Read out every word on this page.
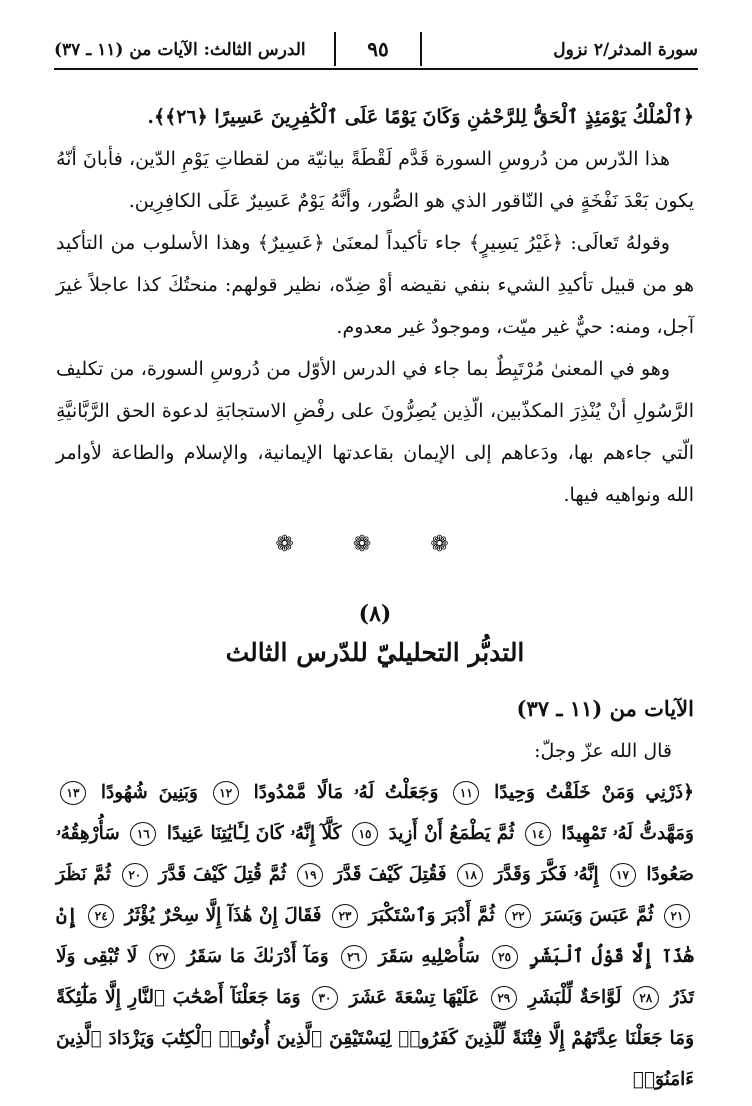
سورة المدثر/٢ نزول
٩٥
الدرس الثالث: الآيات من (١١ ـ ٣٧)

﴿ٱلْمُلْكُ يَوْمَئِذٍ ٱلْحَقُّ لِلرَّحْمَٰنِ وَكَانَ يَوْمًا عَلَى ٱلْكَٰفِرِينَ عَسِيرًا ﴿٢٦﴾﴾.

هذا الدّرس من دُروسِ السورة قَدَّم لَقْطَةً بيانيّة من لقطاتِ يَوْمِ الدّين، فأبانَ أنّهُ يكون بَعْدَ نَفْخَةٍ في النّاقور الذي هو الصُّور، وأنَّهُ يَوْمٌ عَسِيرٌ عَلَى الكافِرِين.

وقولهُ تَعالَى: ﴿غَيْرُ يَسِيرٍ﴾ جاء تأكيداً لمعنَىٰ ﴿عَسِيرٌ﴾ وهذا الأسلوب من التأكيد هو من قبيل تأكيدِ الشيء بنفي نقيضه أوْ ضِدّه، نظير قولهم: منحتُكَ كذا عاجلاً غيرَ آجل، ومنه: حيٌّ غير ميّت، وموجودٌ غير معدوم.

وهو في المعنىٰ مُرْتَبِطٌ بما جاء في الدرس الأوّل من دُروسِ السورة، من تكليف الرَّسُولِ أنْ يُنْذِرَ المكذّبين، الّذِين يُصِرُّونَ على رفْضِ الاستجابَةِ لدعوة الحق الرَّبَّانيَّةِ الّتي جاءهم بها، ودَعاهم إلى الإيمان بقاعدتها الإيمانية، والإسلام والطاعة لأوامر الله ونواهيه فيها.

❁ ❁ ❁
(٨)
التدبُّر التحليليّ للدّرس الثالث
الآيات من (١١ ـ ٣٧)
قال الله عزّ وجلّ:
﴿ذَرْنِي وَمَنْ خَلَقْتُ وَحِيدًا ١١ وَجَعَلْتُ لَهُۥ مَالًا مَّمْدُودًا ١٢ وَبَنِينَ شُهُودًا ١٣ وَمَهَّدتُّ لَهُۥ تَمْهِيدًا ١٤ ثُمَّ يَطْمَعُ أَنْ أَزِيدَ ١٥ كَلَّآ إِنَّهُۥ كَانَ لِـَٔايَٰتِنَا عَنِيدًا ١٦ سَأُرْهِقُهُۥ صَعُودًا ١٧ إِنَّهُۥ فَكَّرَ وَقَدَّرَ ١٨ فَقُتِلَ كَيْفَ قَدَّرَ ١٩ ثُمَّ قُتِلَ كَيْفَ قَدَّرَ ٢٠ ثُمَّ نَظَرَ ٢١ ثُمَّ عَبَسَ وَبَسَرَ ٢٢ ثُمَّ أَدْبَرَ وَٱسْتَكْبَرَ ٢٣ فَقَالَ إِنْ هَٰذَآ إِلَّا سِحْرٌ يُؤْثَرُ ٢٤ إِنْ هَٰذَآ إِلَّا قَوْلُ ٱلْبَشَرِ ٢٥ سَأُصْلِيهِ سَقَرَ ٢٦ وَمَآ أَدْرَىٰكَ مَا سَقَرُ ٢٧ لَا تُبْقِى وَلَا تَذَرُ ٢٨ لَوَّاحَةٌ لِّلْبَشَرِ ٢٩ عَلَيْهَا تِسْعَةَ عَشَرَ ٣٠ وَمَا جَعَلْنَآ أَصْحَٰبَ ٱلنَّارِ إِلَّا مَلَٰٓئِكَةً وَمَا جَعَلْنَا عِدَّتَهُمْ إِلَّا فِتْنَةً لِّلَّذِينَ كَفَرُوا۟ لِيَسْتَيْقِنَ ٱلَّذِينَ أُوتُوا۟ ٱلْكِتَٰبَ وَيَزْدَادَ ٱلَّذِينَ ءَامَنُوٓا۟
